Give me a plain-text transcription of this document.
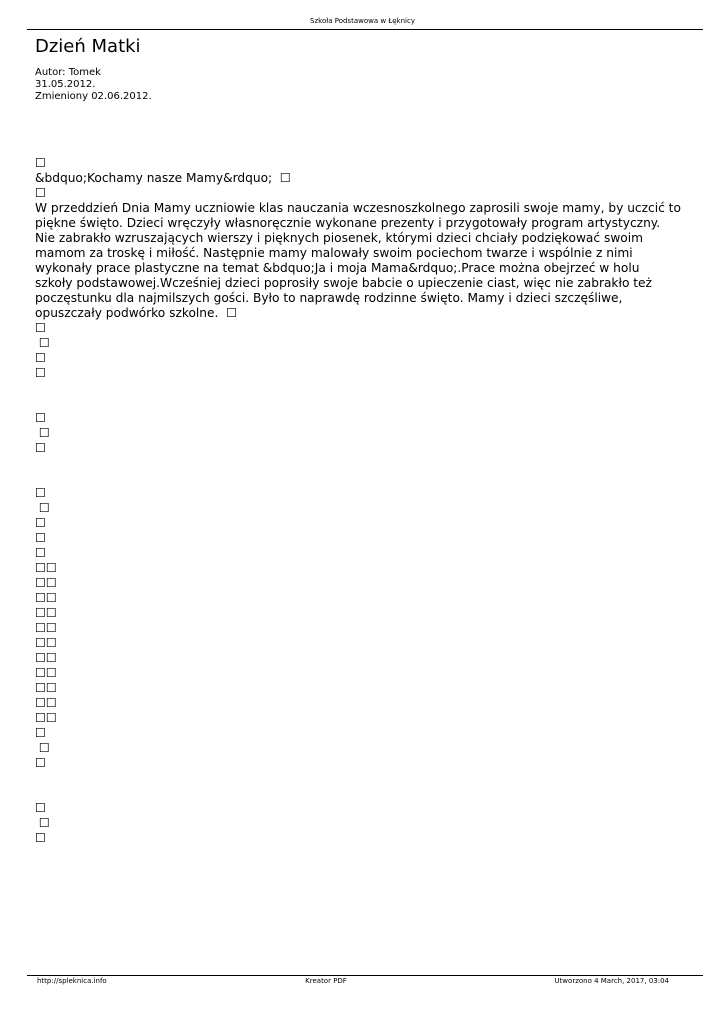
Szkoła Podstawowa w Łęknicy
Dzień Matki
Autor: Tomek
31.05.2012.
Zmieniony 02.06.2012.
☐
&bdquo;Kochamy nasze Mamy&rdquo;  ☐
☐
W przeddzień Dnia Mamy uczniowie klas nauczania wczesnoszkolnego zaprosili swoje mamy, by uczcić to
piękne święto. Dzieci wręczyły własnoręcznie wykonane prezenty i przygotowały program artystyczny.
Nie zabrakło wzruszających wierszy i pięknych piosenek, którymi dzieci chciały podziękować swoim
mamom za troskę i miłość. Następnie mamy malowały swoim pociechom twarze i wspólnie z nimi
wykonały prace plastyczne na temat &bdquo;Ja i moja Mama&rdquo;.Prace można obejrzeć w holu
szkoły podstawowej.Wcześniej dzieci poprosiły swoje babcie o upieczenie ciast, więc nie zabrakło też
poczęstunku dla najmilszych gości. Było to naprawdę rodzinne święto. Mamy i dzieci szczęśliwe,
opuszczały podwórko szkolne.  ☐
☐
☐
☐
☐
☐
☐
☐
☐
☐
☐
☐
☐
☐☐
☐☐
☐☐
☐☐
☐☐
☐☐
☐☐
☐☐
☐☐
☐☐
☐☐
☐
☐
☐
☐
☐
☐
http://spleknica.info	Kreator PDF	Utworzono 4 March, 2017, 03:04
